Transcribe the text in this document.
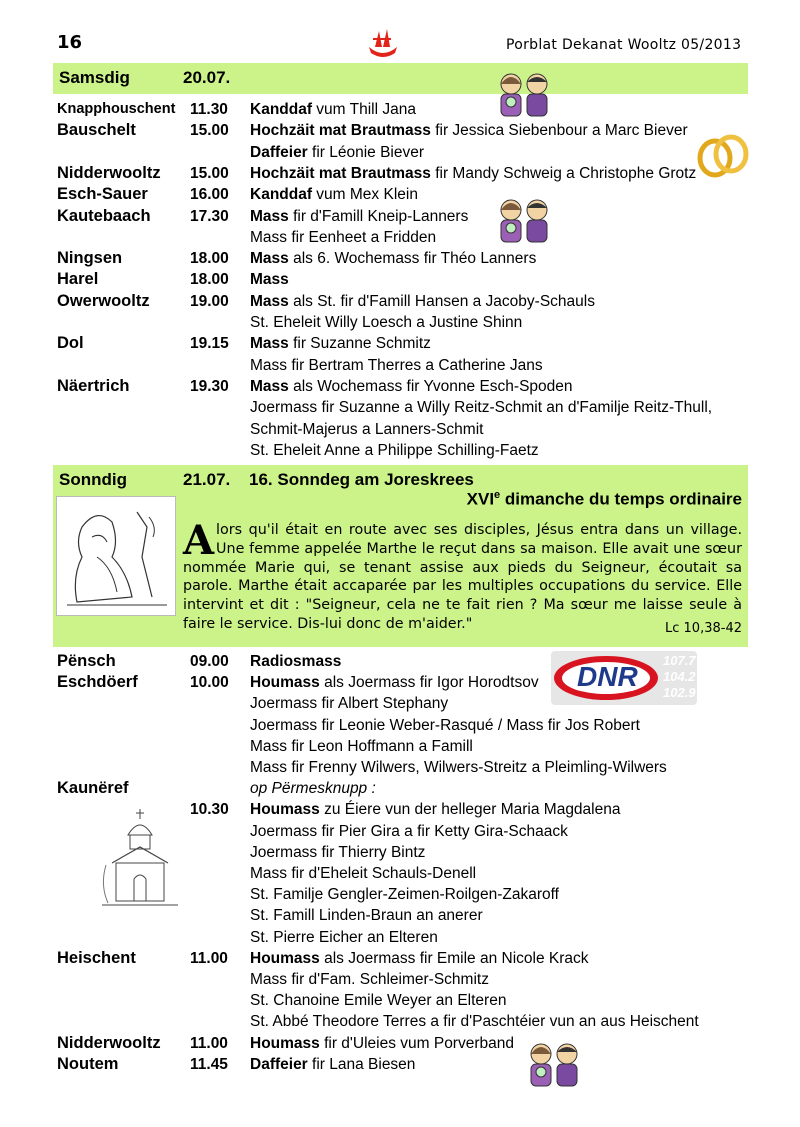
16	Porblat Dekanat Wooltz 05/2013
Samsdig	20.07.
Knapphouschent 11.30 Kanddaf vum Thill Jana
Bauschelt	15.00 Hochzäit mat Brautmass fir Jessica Siebenbour a Marc Biever
Daffeier fir Léonie Biever
Nidderwooltz 15.00 Hochzäit mat Brautmass fir Mandy Schweig a Christophe Grotz
Esch-Sauer	16.00 Kanddaf vum Mex Klein
Kautebaach	17.30 Mass fir d'Famill Kneip-Lanners
Mass fir Eenheet a Fridden
Ningsen	18.00 Mass als 6. Wochemass fir Théo Lanners
Harel	18.00 Mass
Owerwooltz	19.00 Mass als St. fir d'Famill Hansen a Jacoby-Schauls
St. Eheleit Willy Loesch a Justine Shinn
Dol	19.15 Mass fir Suzanne Schmitz
Mass fir Bertram Therres a Catherine Jans
Näertrich	19.30 Mass als Wochemass fir Yvonne Esch-Spoden
Joermass fir Suzanne a Willy Reitz-Schmit an d'Familje Reitz-Thull,
Schmit-Majerus a Lanners-Schmit
St. Eheleit Anne a Philippe Schilling-Faetz
Sonndig	21.07. 16. Sonndeg am Joreskrees
XVIe dimanche du temps ordinaire
Alors qu'il était en route avec ses disciples, Jésus entra dans un village. Une femme appelée Marthe le reçut dans sa maison. Elle avait une sœur nommée Marie qui, se tenant assise aux pieds du Seigneur, écoutait sa parole. Marthe était accaparée par les multiples occupations du service. Elle intervint et dit : "Seigneur, cela ne te fait rien ? Ma sœur me laisse seule à faire le service. Dis-lui donc de m'aider."	Lc 10,38-42
Pënsch	09.00 Radiosmass
Eschdöerf	10.00 Houmass als Joermass fir Igor Horodtsov
Joermass fir Albert Stephany
Joermass fir Leonie Weber-Rasqué / Mass fir Jos Robert
Mass fir Leon Hoffmann a Famill
Mass fir Frenny Wilwers, Wilwers-Streitz a Pleimling-Wilwers
Kaunëref	op Përmesknupp :
10.30 Houmass zu Éiere vun der helleger Maria Magdalena
Joermass fir Pier Gira a fir Ketty Gira-Schaack
Joermass fir Thierry Bintz
Mass fir d'Eheleit Schauls-Denell
St. Familje Gengler-Zeimen-Roilgen-Zakaroff
St. Famill Linden-Braun an anerer
St. Pierre Eicher an Elteren
Heischent	11.00 Houmass als Joermass fir Emile an Nicole Krack
Mass fir d'Fam. Schleimer-Schmitz
St. Chanoine Emile Weyer an Elteren
St. Abbé Theodore Terres a fir d'Paschtéier vun an aus Heischent
Nidderwooltz 11.00 Houmass fir d'Uleies vum Porverband
Noutem	11.45 Daffeier fir Lana Biesen
DNR
107.7
104.2
102.9
